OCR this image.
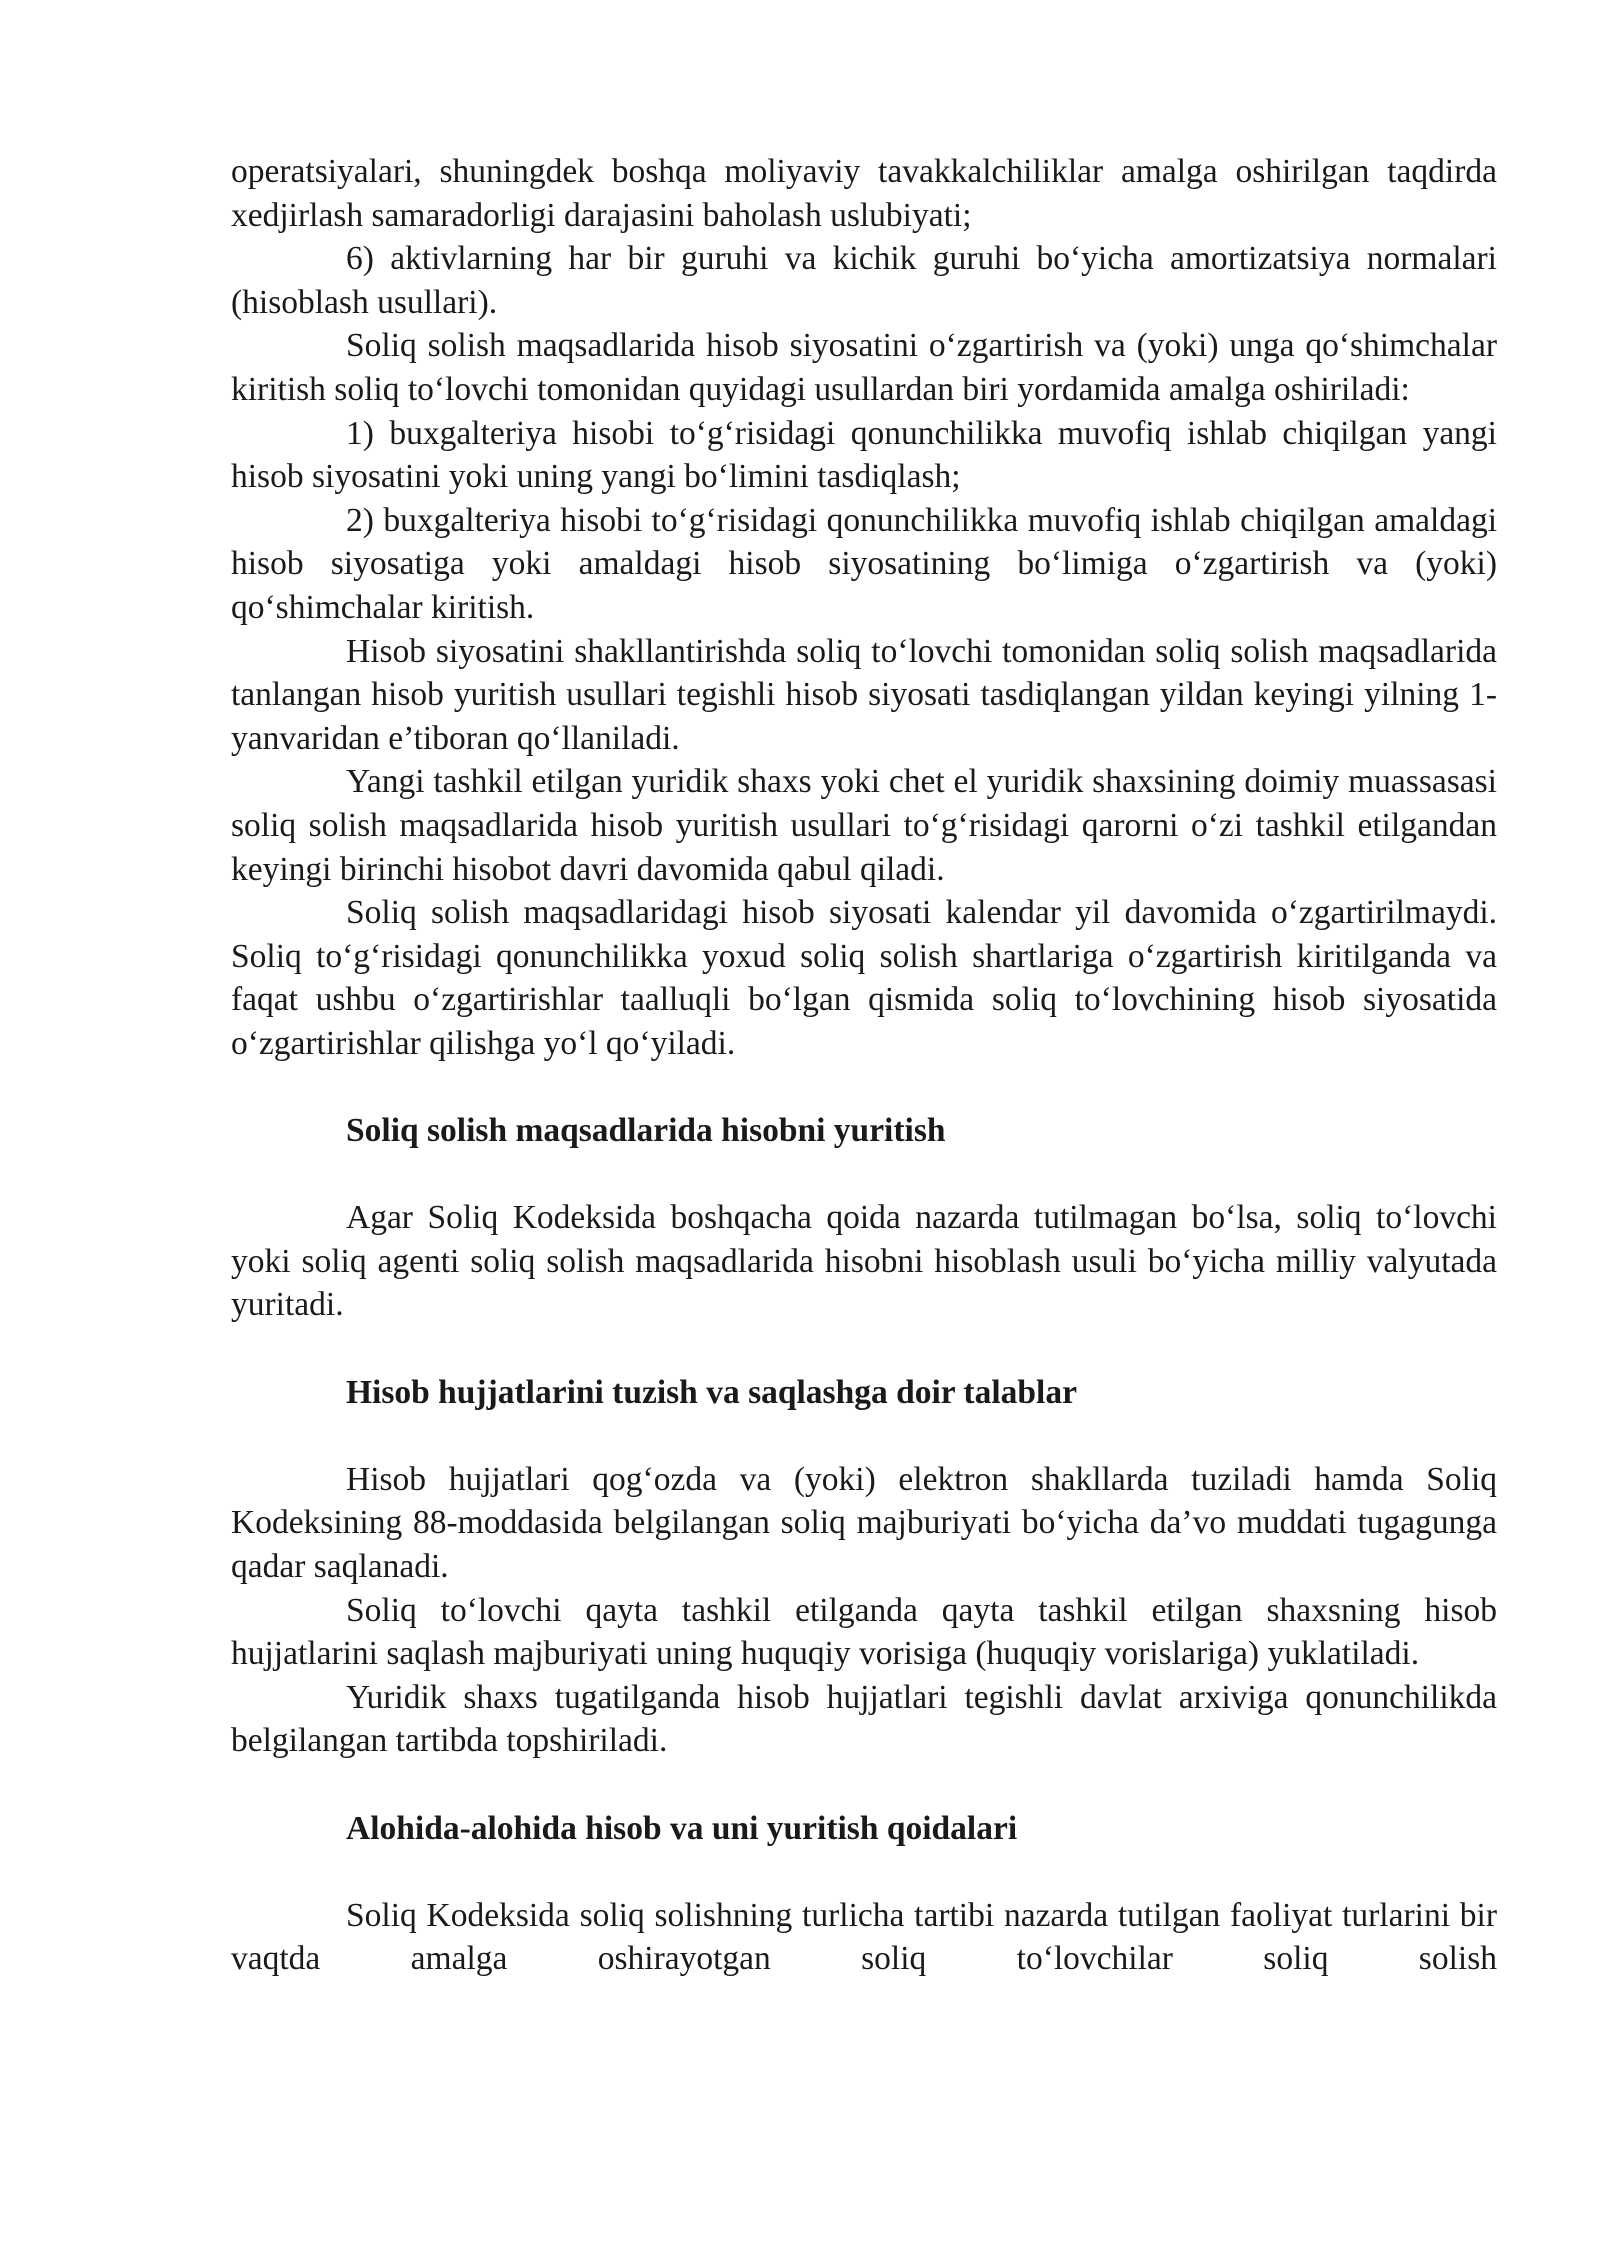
operatsiyalari, shuningdek boshqa moliyaviy tavakkalchiliklar amalga oshirilgan taqdirda xedjirlash samaradorligi darajasini baholash uslubiyati;

6) aktivlarning har bir guruhi va kichik guruhi bo‘yicha amortizatsiya normalari (hisoblash usullari).

Soliq solish maqsadlarida hisob siyosatini o‘zgartirish va (yoki) unga qo‘shimchalar kiritish soliq to‘lovchi tomonidan quyidagi usullardan biri yordamida amalga oshiriladi:

1) buxgalteriya hisobi to‘g‘risidagi qonunchilikka muvofiq ishlab chiqilgan yangi hisob siyosatini yoki uning yangi bo‘limini tasdiqlash;

2) buxgalteriya hisobi to‘g‘risidagi qonunchilikka muvofiq ishlab chiqilgan amaldagi hisob siyosatiga yoki amaldagi hisob siyosatining bo‘limiga o‘zgartirish va (yoki) qo‘shimchalar kiritish.

Hisob siyosatini shakllantirishda soliq to‘lovchi tomonidan soliq solish maqsadlarida tanlangan hisob yuritish usullari tegishli hisob siyosati tasdiqlangan yildan keyingi yilning 1-yanvaridan e’tiboran qo‘llaniladi.

Yangi tashkil etilgan yuridik shaxs yoki chet el yuridik shaxsining doimiy muassasasi soliq solish maqsadlarida hisob yuritish usullari to‘g‘risidagi qarorni o‘zi tashkil etilgandan keyingi birinchi hisobot davri davomida qabul qiladi.

Soliq solish maqsadlaridagi hisob siyosati kalendar yil davomida o‘zgartirilmaydi. Soliq to‘g‘risidagi qonunchilikka yoxud soliq solish shartlariga o‘zgartirish kiritilganda va faqat ushbu o‘zgartirishlar taalluqli bo‘lgan qismida soliq to‘lovchining hisob siyosatida o‘zgartirishlar qilishga yo‘l qo‘yiladi.

Soliq solish maqsadlarida hisobni yuritish

Agar Soliq Kodeksida boshqacha qoida nazarda tutilmagan bo‘lsa, soliq to‘lovchi yoki soliq agenti soliq solish maqsadlarida hisobni hisoblash usuli bo‘yicha milliy valyutada yuritadi.

Hisob hujjatlarini tuzish va saqlashga doir talablar

Hisob hujjatlari qog‘ozda va (yoki) elektron shakllarda tuziladi hamda Soliq Kodeksining 88-moddasida belgilangan soliq majburiyati bo‘yicha da’vo muddati tugagunga qadar saqlanadi.

Soliq to‘lovchi qayta tashkil etilganda qayta tashkil etilgan shaxsning hisob hujjatlarini saqlash majburiyati uning huquqiy vorisiga (huquqiy vorislariga) yuklatiladi.

Yuridik shaxs tugatilganda hisob hujjatlari tegishli davlat arxiviga qonunchilikda belgilangan tartibda topshiriladi.

Alohida-alohida hisob va uni yuritish qoidalari

Soliq Kodeksida soliq solishning turlicha tartibi nazarda tutilgan faoliyat turlarini bir vaqtda amalga oshirayotgan soliq to‘lovchilar soliq solish
